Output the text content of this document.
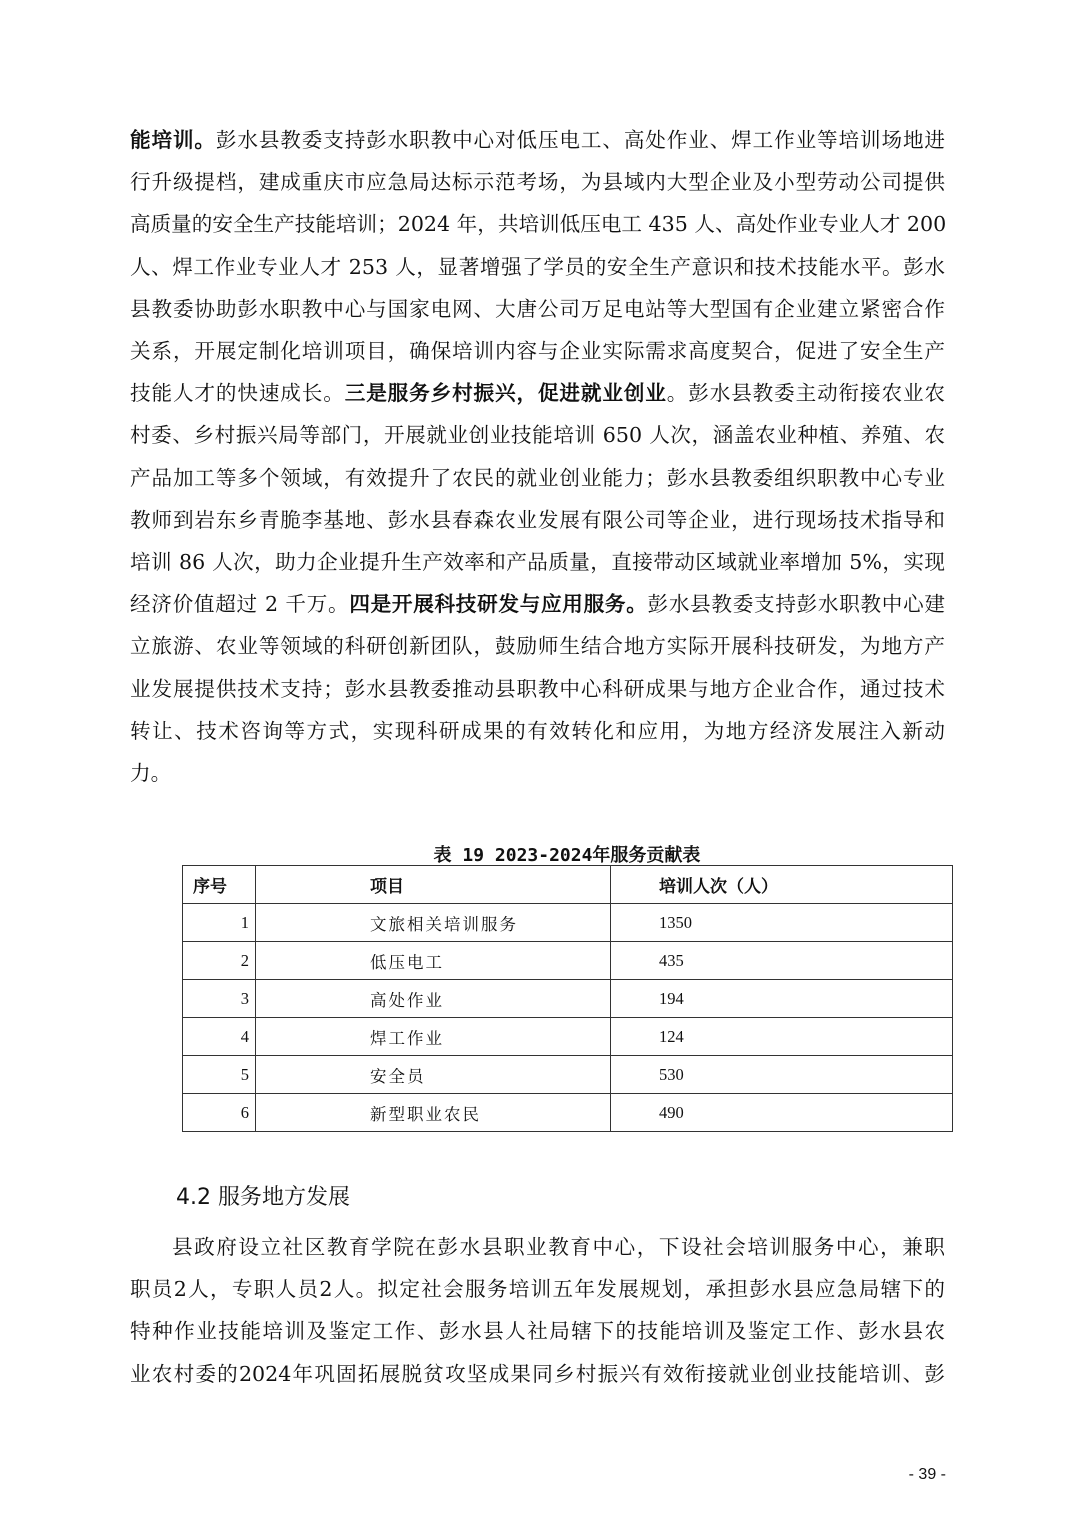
能培训。彭水县教委支持彭水职教中心对低压电工、高处作业、焊工作业等培训场地进
行升级提档，建成重庆市应急局达标示范考场，为县域内大型企业及小型劳动公司提供
高质量的安全生产技能培训；2024 年，共培训低压电工 435 人、高处作业专业人才 200
人、焊工作业专业人才 253 人，显著增强了学员的安全生产意识和技术技能水平。彭水
县教委协助彭水职教中心与国家电网、大唐公司万足电站等大型国有企业建立紧密合作
关系，开展定制化培训项目，确保培训内容与企业实际需求高度契合，促进了安全生产
技能人才的快速成长。三是服务乡村振兴，促进就业创业。彭水县教委主动衔接农业农
村委、乡村振兴局等部门，开展就业创业技能培训 650 人次，涵盖农业种植、养殖、农
产品加工等多个领域，有效提升了农民的就业创业能力；彭水县教委组织职教中心专业
教师到岩东乡青脆李基地、彭水县春森农业发展有限公司等企业，进行现场技术指导和
培训 86 人次，助力企业提升生产效率和产品质量，直接带动区域就业率增加 5%，实现
经济价值超过 2 千万。四是开展科技研发与应用服务。彭水县教委支持彭水职教中心建
立旅游、农业等领域的科研创新团队，鼓励师生结合地方实际开展科技研发，为地方产
业发展提供技术支持；彭水县教委推动县职教中心科研成果与地方企业合作，通过技术
转让、技术咨询等方式，实现科研成果的有效转化和应用，为地方经济发展注入新动
力。
表 19 2023-2024年服务贡献表
序号	项目	培训人次（人）
1	文旅相关培训服务	1350
2	低压电工	435
3	高处作业	194
4	焊工作业	124
5	安全员	530
6	新型职业农民	490
4.2 服务地方发展
县政府设立社区教育学院在彭水县职业教育中心，下设社会培训服务中心，兼职
职员2人，专职人员2人。拟定社会服务培训五年发展规划，承担彭水县应急局辖下的
特种作业技能培训及鉴定工作、彭水县人社局辖下的技能培训及鉴定工作、彭水县农
业农村委的2024年巩固拓展脱贫攻坚成果同乡村振兴有效衔接就业创业技能培训、彭
- 39 -
